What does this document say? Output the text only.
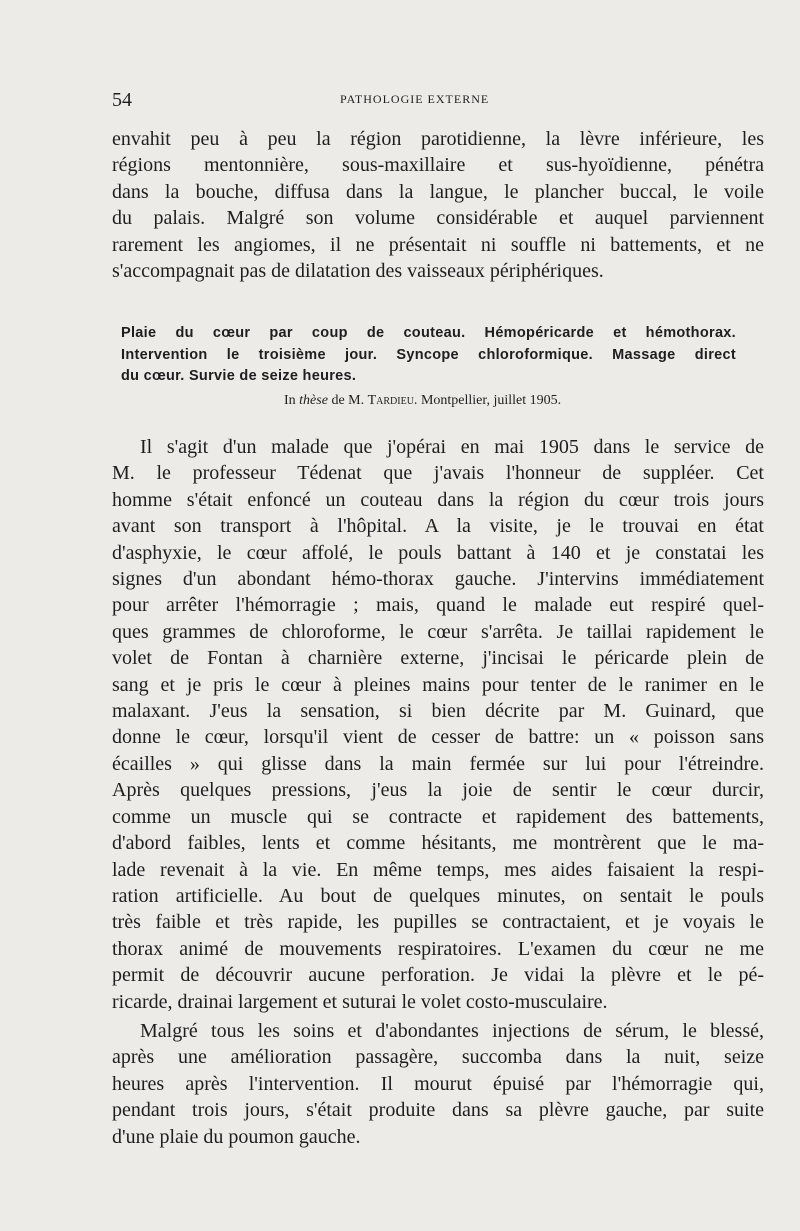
54	PATHOLOGIE EXTERNE
envahit peu à peu la région parotidienne, la lèvre inférieure, les
régions mentonnière, sous-maxillaire et sus-hyoïdienne, pénétra
dans la bouche, diffusa dans la langue, le plancher buccal, le voile
du palais. Malgré son volume considérable et auquel parviennent
rarement les angiomes, il ne présentait ni souffle ni battements, et ne
s'accompagnait pas de dilatation des vaisseaux périphériques.
Plaie du cœur par coup de couteau. Hémopéricarde et hémothorax.
Intervention le troisième jour. Syncope chloroformique. Massage direct
du cœur. Survie de seize heures.
In thèse de M. Tardieu. Montpellier, juillet 1905.
Il s'agit d'un malade que j'opérai en mai 1905 dans le service de
M. le professeur Tédenat que j'avais l'honneur de suppléer. Cet
homme s'était enfoncé un couteau dans la région du cœur trois jours
avant son transport à l'hôpital. A la visite, je le trouvai en état
d'asphyxie, le cœur affolé, le pouls battant à 140 et je constatai les
signes d'un abondant hémo-thorax gauche. J'intervins immédiatement
pour arrêter l'hémorragie ; mais, quand le malade eut respiré quel-
ques grammes de chloroforme, le cœur s'arrêta. Je taillai rapidement le
volet de Fontan à charnière externe, j'incisai le péricarde plein de
sang et je pris le cœur à pleines mains pour tenter de le ranimer en le
malaxant. J'eus la sensation, si bien décrite par M. Guinard, que
donne le cœur, lorsqu'il vient de cesser de battre: un « poisson sans
écailles » qui glisse dans la main fermée sur lui pour l'étreindre.
Après quelques pressions, j'eus la joie de sentir le cœur durcir,
comme un muscle qui se contracte et rapidement des battements,
d'abord faibles, lents et comme hésitants, me montrèrent que le ma-
lade revenait à la vie. En même temps, mes aides faisaient la respi-
ration artificielle. Au bout de quelques minutes, on sentait le pouls
très faible et très rapide, les pupilles se contractaient, et je voyais le
thorax animé de mouvements respiratoires. L'examen du cœur ne me
permit de découvrir aucune perforation. Je vidai la plèvre et le pé-
ricarde, drainai largement et suturai le volet costo-musculaire.
Malgré tous les soins et d'abondantes injections de sérum, le blessé,
après une amélioration passagère, succomba dans la nuit, seize
heures après l'intervention. Il mourut épuisé par l'hémorragie qui,
pendant trois jours, s'était produite dans sa plèvre gauche, par suite
d'une plaie du poumon gauche.
